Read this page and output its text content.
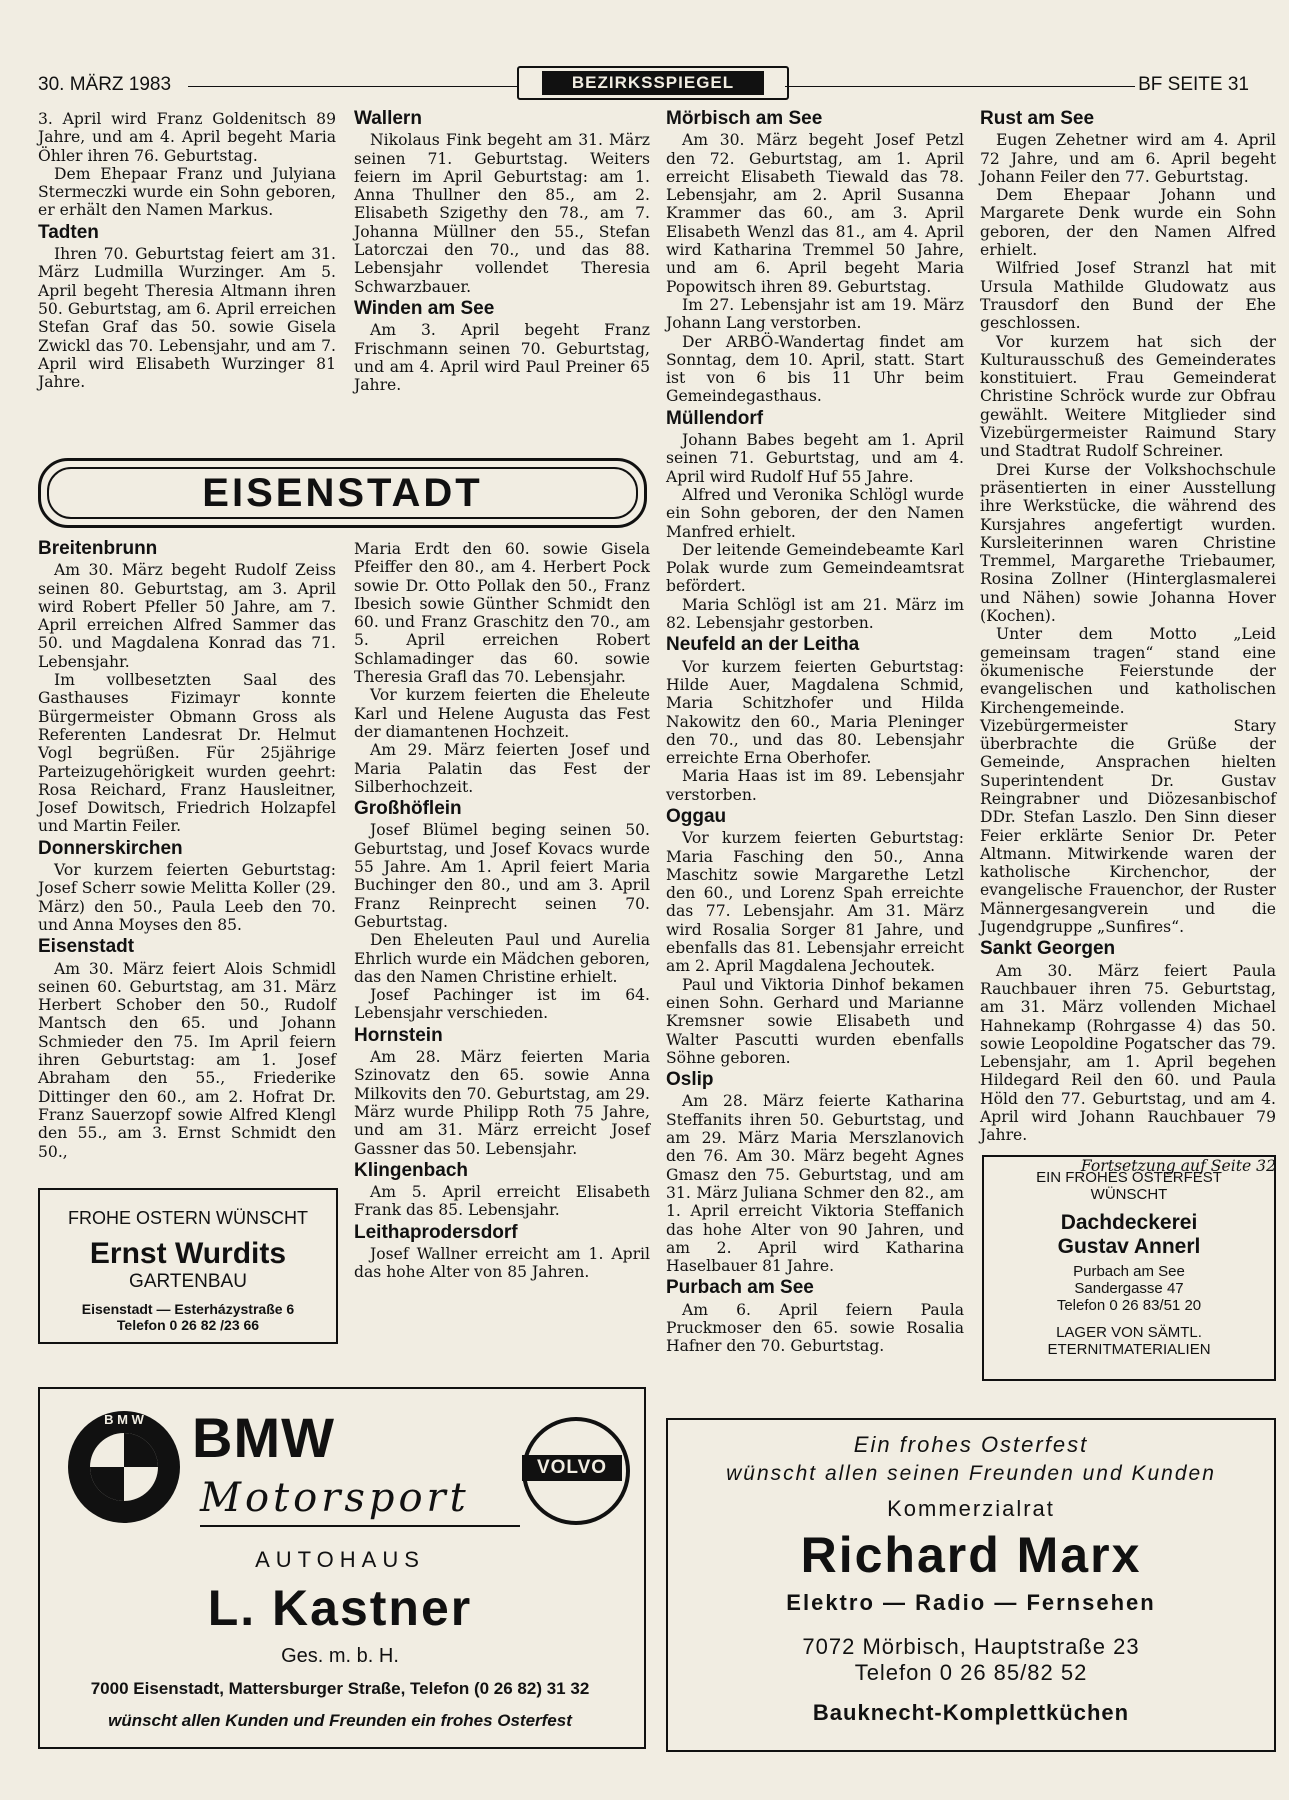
30. MÄRZ 1983	BEZIRKSSPIEGEL	BF SEITE 31

3. April wird Franz Goldenitsch 89 Jahre, und am 4. April begeht Maria Öhler ihren 76. Geburtstag.

Dem Ehepaar Franz und Julyiana Stermeczki wurde ein Sohn geboren, er erhält den Namen Markus.

Tadten

Ihren 70. Geburtstag feiert am 31. März Ludmilla Wurzinger. Am 5. April begeht Theresia Altmann ihren 50. Geburtstag, am 6. April erreichen Stefan Graf das 50. sowie Gisela Zwickl das 70. Lebensjahr, und am 7. April wird Elisabeth Wurzinger 81 Jahre.

Wallern

Nikolaus Fink begeht am 31. März seinen 71. Geburtstag. Weiters feiern im April Geburtstag: am 1. Anna Thullner den 85., am 2. Elisabeth Szigethy den 78., am 7. Johanna Müllner den 55., Stefan Latorczai den 70., und das 88. Lebensjahr vollendet Theresia Schwarzbauer.

Winden am See

Am 3. April begeht Franz Frischmann seinen 70. Geburtstag, und am 4. April wird Paul Preiner 65 Jahre.

EISENSTADT
Breitenbrunn

Am 30. März begeht Rudolf Zeiss seinen 80. Geburtstag, am 3. April wird Robert Pfeller 50 Jahre, am 7. April erreichen Alfred Sammer das 50. und Magdalena Konrad das 71. Lebensjahr.

Im vollbesetzten Saal des Gasthauses Fizimayr konnte Bürgermeister Obmann Gross als Referenten Landesrat Dr. Helmut Vogl begrüßen. Für 25jährige Parteizugehörigkeit wurden geehrt: Rosa Reichard, Franz Hausleitner, Josef Dowitsch, Friedrich Holzapfel und Martin Feiler.

Donnerskirchen

Vor kurzem feierten Geburtstag: Josef Scherr sowie Melitta Koller (29. März) den 50., Paula Leeb den 70. und Anna Moyses den 85.

Eisenstadt

Am 30. März feiert Alois Schmidl seinen 60. Geburtstag, am 31. März Herbert Schober den 50., Rudolf Mantsch den 65. und Johann Schmieder den 75. Im April feiern ihren Geburtstag: am 1. Josef Abraham den 55., Friederike Dittinger den 60., am 2. Hofrat Dr. Franz Sauerzopf sowie Alfred Klengl den 55., am 3. Ernst Schmidt den 50.,

Maria Erdt den 60. sowie Gisela Pfeiffer den 80., am 4. Herbert Pock sowie Dr. Otto Pollak den 50., Franz Ibesich sowie Günther Schmidt den 60. und Franz Graschitz den 70., am 5. April erreichen Robert Schlamadinger das 60. sowie Theresia Grafl das 70. Lebensjahr.

Vor kurzem feierten die Eheleute Karl und Helene Augusta das Fest der diamantenen Hochzeit.

Am 29. März feierten Josef und Maria Palatin das Fest der Silberhochzeit.

Großhöflein

Josef Blümel beging seinen 50. Geburtstag, und Josef Kovacs wurde 55 Jahre. Am 1. April feiert Maria Buchinger den 80., und am 3. April Franz Reinprecht seinen 70. Geburtstag.

Den Eheleuten Paul und Aurelia Ehrlich wurde ein Mädchen geboren, das den Namen Christine erhielt.

Josef Pachinger ist im 64. Lebensjahr verschieden.

Hornstein

Am 28. März feierten Maria Szinovatz den 65. sowie Anna Milkovits den 70. Geburtstag, am 29. März wurde Philipp Roth 75 Jahre, und am 31. März erreicht Josef Gassner das 50. Lebensjahr.

Klingenbach

Am 5. April erreicht Elisabeth Frank das 85. Lebensjahr.

Leithaprodersdorf

Josef Wallner erreicht am 1. April das hohe Alter von 85 Jahren.

Mörbisch am See

Am 30. März begeht Josef Petzl den 72. Geburtstag, am 1. April erreicht Elisabeth Tiewald das 78. Lebensjahr, am 2. April Susanna Krammer das 60., am 3. April Elisabeth Wenzl das 81., am 4. April wird Katharina Tremmel 50 Jahre, und am 6. April begeht Maria Popowitsch ihren 89. Geburtstag.

Im 27. Lebensjahr ist am 19. März Johann Lang verstorben.

Der ARBÖ-Wandertag findet am Sonntag, dem 10. April, statt. Start ist von 6 bis 11 Uhr beim Gemeindegasthaus.

Müllendorf

Johann Babes begeht am 1. April seinen 71. Geburtstag, und am 4. April wird Rudolf Huf 55 Jahre.

Alfred und Veronika Schlögl wurde ein Sohn geboren, der den Namen Manfred erhielt.

Der leitende Gemeindebeamte Karl Polak wurde zum Gemeindeamtsrat befördert.

Maria Schlögl ist am 21. März im 82. Lebensjahr gestorben.

Neufeld an der Leitha

Vor kurzem feierten Geburtstag: Hilde Auer, Magdalena Schmid, Maria Schitzhofer und Hilda Nakowitz den 60., Maria Pleninger den 70., und das 80. Lebensjahr erreichte Erna Oberhofer.

Maria Haas ist im 89. Lebensjahr verstorben.

Oggau

Vor kurzem feierten Geburtstag: Maria Fasching den 50., Anna Maschitz sowie Margarethe Letzl den 60., und Lorenz Spah erreichte das 77. Lebensjahr. Am 31. März wird Rosalia Sorger 81 Jahre, und ebenfalls das 81. Lebensjahr erreicht am 2. April Magdalena Jechoutek.

Paul und Viktoria Dinhof bekamen einen Sohn. Gerhard und Marianne Kremsner sowie Elisabeth und Walter Pascutti wurden ebenfalls Söhne geboren.

Oslip

Am 28. März feierte Katharina Steffanits ihren 50. Geburtstag, und am 29. März Maria Merszlanovich den 76. Am 30. März begeht Agnes Gmasz den 75. Geburtstag, und am 31. März Juliana Schmer den 82., am 1. April erreicht Viktoria Steffanich das hohe Alter von 90 Jahren, und am 2. April wird Katharina Haselbauer 81 Jahre.

Purbach am See

Am 6. April feiern Paula Pruckmoser den 65. sowie Rosalia Hafner den 70. Geburtstag.

Rust am See

Eugen Zehetner wird am 4. April 72 Jahre, und am 6. April begeht Johann Feiler den 77. Geburtstag.

Dem Ehepaar Johann und Margarete Denk wurde ein Sohn geboren, der den Namen Alfred erhielt.

Wilfried Josef Stranzl hat mit Ursula Mathilde Gludowatz aus Trausdorf den Bund der Ehe geschlossen.

Vor kurzem hat sich der Kulturausschuß des Gemeinderates konstituiert. Frau Gemeinderat Christine Schröck wurde zur Obfrau gewählt. Weitere Mitglieder sind Vizebürgermeister Raimund Stary und Stadtrat Rudolf Schreiner.

Drei Kurse der Volkshochschule präsentierten in einer Ausstellung ihre Werkstücke, die während des Kursjahres angefertigt wurden. Kursleiterinnen waren Christine Tremmel, Margarethe Triebaumer, Rosina Zollner (Hinterglasmalerei und Nähen) sowie Johanna Hover (Kochen).

Unter dem Motto „Leid gemeinsam tragen“ stand eine ökumenische Feierstunde der evangelischen und katholischen Kirchengemeinde. Vizebürgermeister Stary überbrachte die Grüße der Gemeinde, Ansprachen hielten Superintendent Dr. Gustav Reingrabner und Diözesanbischof DDr. Stefan Laszlo. Den Sinn dieser Feier erklärte Senior Dr. Peter Altmann. Mitwirkende waren der katholische Kirchenchor, der evangelische Frauenchor, der Ruster Männergesangverein und die Jugendgruppe „Sunfires“.

Sankt Georgen

Am 30. März feiert Paula Rauchbauer ihren 75. Geburtstag, am 31. März vollenden Michael Hahnekamp (Rohrgasse 4) das 50. sowie Leopoldine Pogatscher das 79. Lebensjahr, am 1. April begehen Hildegard Reil den 60. und Paula Höld den 77. Geburtstag, und am 4. April wird Johann Rauchbauer 79 Jahre.

Fortsetzung auf Seite 32

FROHE OSTERN WÜNSCHT
Ernst Wurdits
GARTENBAU
Eisenstadt — Esterházystraße 6
Telefon 0 26 82 /23 66
EIN FROHES OSTERFEST
WÜNSCHT
Dachdeckerei
Gustav Annerl
Purbach am See
Sandergasse 47
Telefon 0 26 83/51 20
LAGER VON SÄMTL.
ETERNITMATERIALIEN
B M W BMW
Motorsport
VOLVO
AUTOHAUS
L. Kastner
Ges. m. b. H.
7000 Eisenstadt, Mattersburger Straße, Telefon (0 26 82) 31 32
wünscht allen Kunden und Freunden ein frohes Osterfest
Ein frohes Osterfest
wünscht allen seinen Freunden und Kunden
Kommerzialrat
Richard Marx
Elektro — Radio — Fernsehen
7072 Mörbisch, Hauptstraße 23
Telefon 0 26 85/82 52
Bauknecht-Komplettküchen
